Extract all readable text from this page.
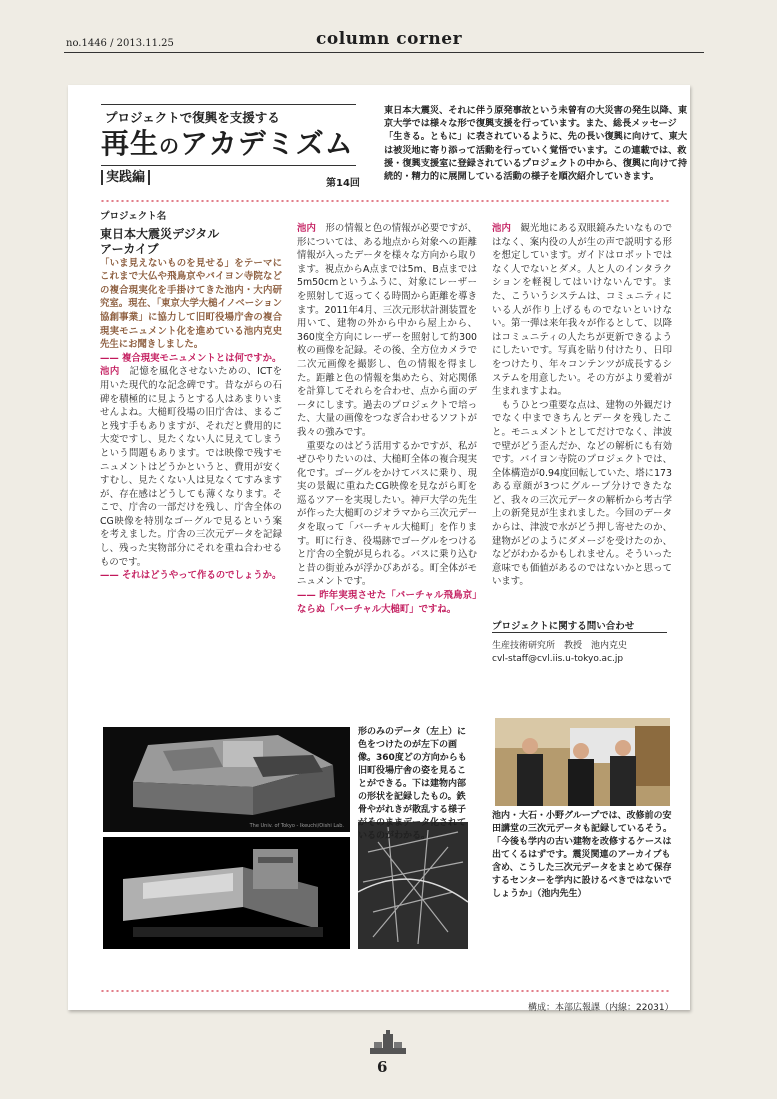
no.1446 / 2013.11.25	column corner
プロジェクトで復興を支援する
再生のアカデミズム
実践編	第14回
東日本大震災、それに伴う原発事故という未曾有の大災害の発生以降、東京大学では様々な形で復興支援を行っています。また、総長メッセージ「生きる。ともに」に表されているように、先の長い復興に向けて、東大は被災地に寄り添って活動を行っていく覚悟でいます。この連載では、救援・復興支援室に登録されているプロジェクトの中から、復興に向けて持続的・精力的に展開している活動の様子を順次紹介していきます。
プロジェクト名
東日本大震災デジタル
アーカイブ

「いま見えないものを見せる」をテーマにこれまで大仏や飛鳥京やバイヨン寺院などの複合現実化を手掛けてきた池内・大内研究室。現在、「東京大学大槌イノベーション協創事業」に協力して旧町役場庁舎の複合現実モニュメント化を進めている池内克史先生にお聞きしました。

—— 複合現実モニュメントとは何ですか。

池内　 記憶を風化させないための、ICTを用いた現代的な記念碑です。昔ながらの石碑を積極的に見ようとする人はあまりいませんよね。大槌町役場の旧庁舎は、まるごと残す手もありますが、それだと費用的に大変ですし、見たくない人に見えてしまうという問題もあります。では映像で残すモニュメントはどうかというと、費用が安くすむし、見たくない人は見なくてすみますが、存在感はどうしても薄くなります。そこで、庁舎の一部だけを残し、庁舎全体のCG映像を特別なゴーグルで見るという案を考えました。庁舎の三次元データを記録し、残った実物部分にそれを重ね合わせるものです。

—— それはどうやって作るのでしょうか。

池内　 形の情報と色の情報が必要ですが、形については、ある地点から対象への距離情報が入ったデータを様々な方向から取ります。視点からA点までは5m、B点までは5m50cmというふうに、対象にレーザーを照射して返ってくる時間から距離を導きます。2011年4月、三次元形状計測装置を用いて、建物の外から中から屋上から、360度全方向にレーザーを照射して約300枚の画像を記録。その後、全方位カメラで二次元画像を撮影し、色の情報を得ました。距離と色の情報を集めたら、対応関係を計算してそれらを合わせ、点から面のデータにします。過去のプロジェクトで培った、大量の画像をつなぎ合わせるソフトが我々の強みです。

重要なのはどう活用するかですが、私がぜひやりたいのは、大槌町全体の複合現実化です。ゴーグルをかけてバスに乗り、現実の景観に重ねたCG映像を見ながら町を巡るツアーを実現したい。神戸大学の先生が作った大槌町のジオラマから三次元データを取って「バーチャル大槌町」を作ります。町に行き、役場跡でゴーグルをつけると庁舎の全貌が見られる。バスに乗り込むと昔の街並みが浮かびあがる。町全体がモニュメントです。

—— 昨年実現させた「バーチャル飛鳥京」ならぬ「バーチャル大槌町」ですね。

池内　 観光地にある双眼鏡みたいなものではなく、案内役の人が生の声で説明する形を想定しています。ガイドはロボットではなく人でないとダメ。人と人のインタラクションを軽視してはいけないんです。また、こういうシステムは、コミュニティにいる人が作り上げるものでないといけない。第一弾は来年我々が作るとして、以降はコミュニティの人たちが更新できるようにしたいです。写真を貼り付けたり、日印をつけたり、年々コンテンツが成長するシステムを用意したい。その方がより愛着が生まれますよね。

もうひとつ重要な点は、建物の外観だけでなく中まできちんとデータを残したこと。モニュメントとしてだけでなく、津波で壁がどう歪んだか、などの解析にも有効です。バイヨン寺院のプロジェクトでは、全体構造が0.94度回転していた、塔に173ある章顔が3つにグループ分けできたなど、我々の三次元データの解析から考古学上の新発見が生まれました。今回のデータからは、津波で水がどう押し寄せたのか、建物がどのようにダメージを受けたのか、などがわかるかもしれません。そういった意味でも価値があるのではないかと思っています。

The Univ. of Tokyo - Ikeuchi/Oishi Lab.
形のみのデータ（左上）に色をつけたのが左下の画像。360度どの方向からも旧町役場庁舎の姿を見ることができる。下は建物内部の形状を記録したもの。鉄骨やがれきが散乱する様子がそのままデータ化されているのがわかる。
池内・大石・小野グループでは、改修前の安田講堂の三次元データも記録しているそう。「今後も学内の古い建物を改修するケースは出てくるはずです。震災関連のアーカイブも含め、こうした三次元データをまとめて保存するセンターを学内に設けるべきではないでしょうか」（池内先生）
プロジェクトに関する問い合わせ
生産技術研究所　教授　池内克史
cvl-staff@cvl.iis.u-tokyo.ac.jp
構成：本部広報課（内線：22031）
6
